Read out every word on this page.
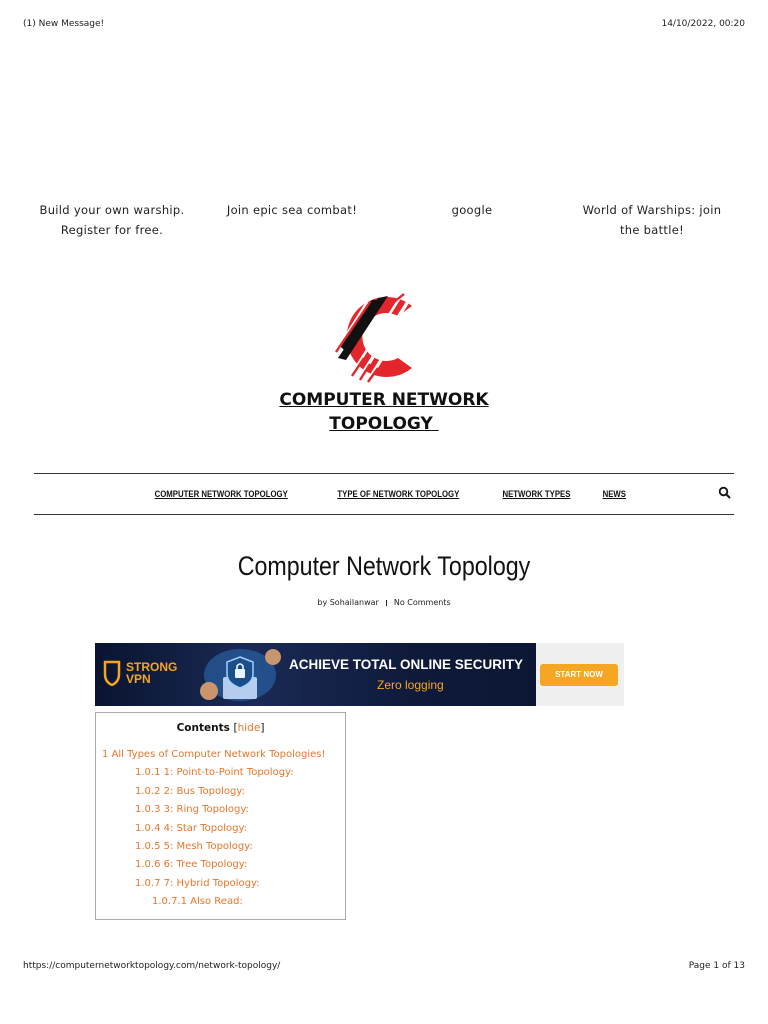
(1) New Message!	14/10/2022, 00:20
Build your own warship.
Register for free.
Join epic sea combat!	google	World of Warships: join
the battle!
COMPUTER NETWORK
TOPOLOGY
COMPUTER NETWORK TOPOLOGY	TYPE OF NETWORK TOPOLOGY	NETWORK TYPES	NEWS
Computer Network Topology
by Sohailanwar No Comments
STRONG
VPN
ACHIEVE TOTAL ONLINE SECURITY
Zero logging
START NOW
Contents [hide]
1 All Types of Computer Network Topologies!
1.0.1 1: Point-to-Point Topology:
1.0.2 2: Bus Topology:
1.0.3 3: Ring Topology:
1.0.4 4: Star Topology:
1.0.5 5: Mesh Topology:
1.0.6 6: Tree Topology:
1.0.7 7: Hybrid Topology:
1.0.7.1 Also Read:
https://computernetworktopology.com/network-topology/	Page 1 of 13
